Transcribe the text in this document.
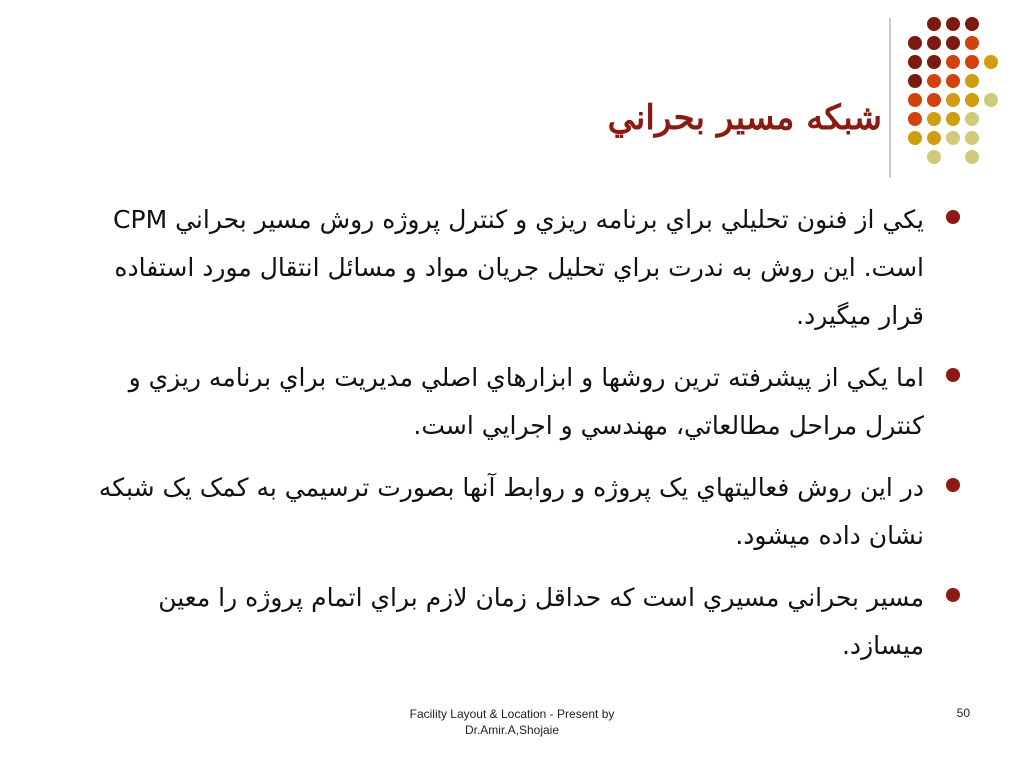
شبكه مسير بحراني
يكي از فنون تحليلي براي برنامه ريزي و كنترل پروژه روش مسير بحراني CPM است. اين روش به ندرت براي تحليل جريان مواد و مسائل انتقال مورد استفاده قرار ميگيرد.
اما يكي از پيشرفته ترين روشها و ابزارهاي اصلي مديريت براي برنامه ريزي و كنترل مراحل مطالعاتي، مهندسي و اجرايي است.
در اين روش فعاليتهاي يک پروژه و روابط آنها بصورت ترسيمي به کمک يک شبکه نشان داده ميشود.
مسير بحراني مسيري است كه حداقل زمان لازم براي اتمام پروژه را معين ميسازد.
Facility Layout & Location - Present by
Dr.Amir.A,Shojaie
50
